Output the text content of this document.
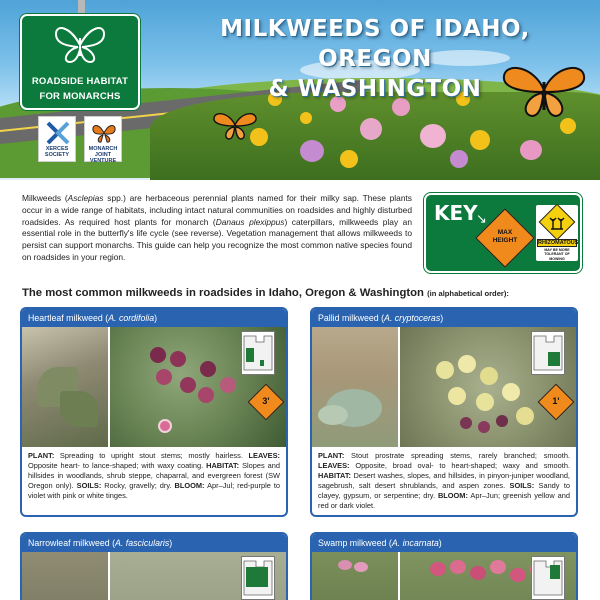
ROADSIDE HABITAT
FOR MONARCHS
XERCES SOCIETY
MONARCH JOINT VENTURE
MILKWEEDS OF IDAHO, OREGON
& WASHINGTON

Milkweeds (Asclepias spp.) are herbaceous perennial plants named for their milky sap. These plants occur in a wide range of habitats, including intact natural communities on roadsides and highly disturbed roadsides. As required host plants for monarch (Danaus plexippus) caterpillars, milkweeds play an essential role in the butterfly's life cycle (see reverse). Vegetation management that allows milkweeds to persist can support monarchs. This guide can help you recognize the most common native species found on roadsides in your region.

KEY
↘
MAX
HEIGHT	RHIZOMATOUS
MAY BE MORE TOLERANT OF MOWING
The most common milkweeds in roadsides in Idaho, Oregon & Washington (in alphabetical order):
Heartleaf milkweed (A. cordifolia)
3'
PLANT: Spreading to upright stout stems; mostly hairless. LEAVES: Opposite heart- to lance-shaped; with waxy coating. HABITAT: Slopes and hillsides in woodlands, shrub steppe, chaparral, and evergreen forest (SW Oregon only). SOILS: Rocky, gravelly; dry. BLOOM: Apr–Jul; red-purple to violet with pink or white tinges.
Pallid milkweed (A. cryptoceras)
1'
PLANT: Stout prostrate spreading stems, rarely branched; smooth. LEAVES: Opposite, broad oval- to heart-shaped; waxy and smooth. HABITAT: Desert washes, slopes, and hillsides, in pinyon-juniper woodland, sagebrush, salt desert shrublands, and aspen zones. SOILS: Sandy to clayey, gypsum, or serpentine; dry. BLOOM: Apr–Jun; greenish yellow and red or dark violet.
Narrowleaf milkweed (A. fascicularis)	Swamp milkweed (A. incarnata)
